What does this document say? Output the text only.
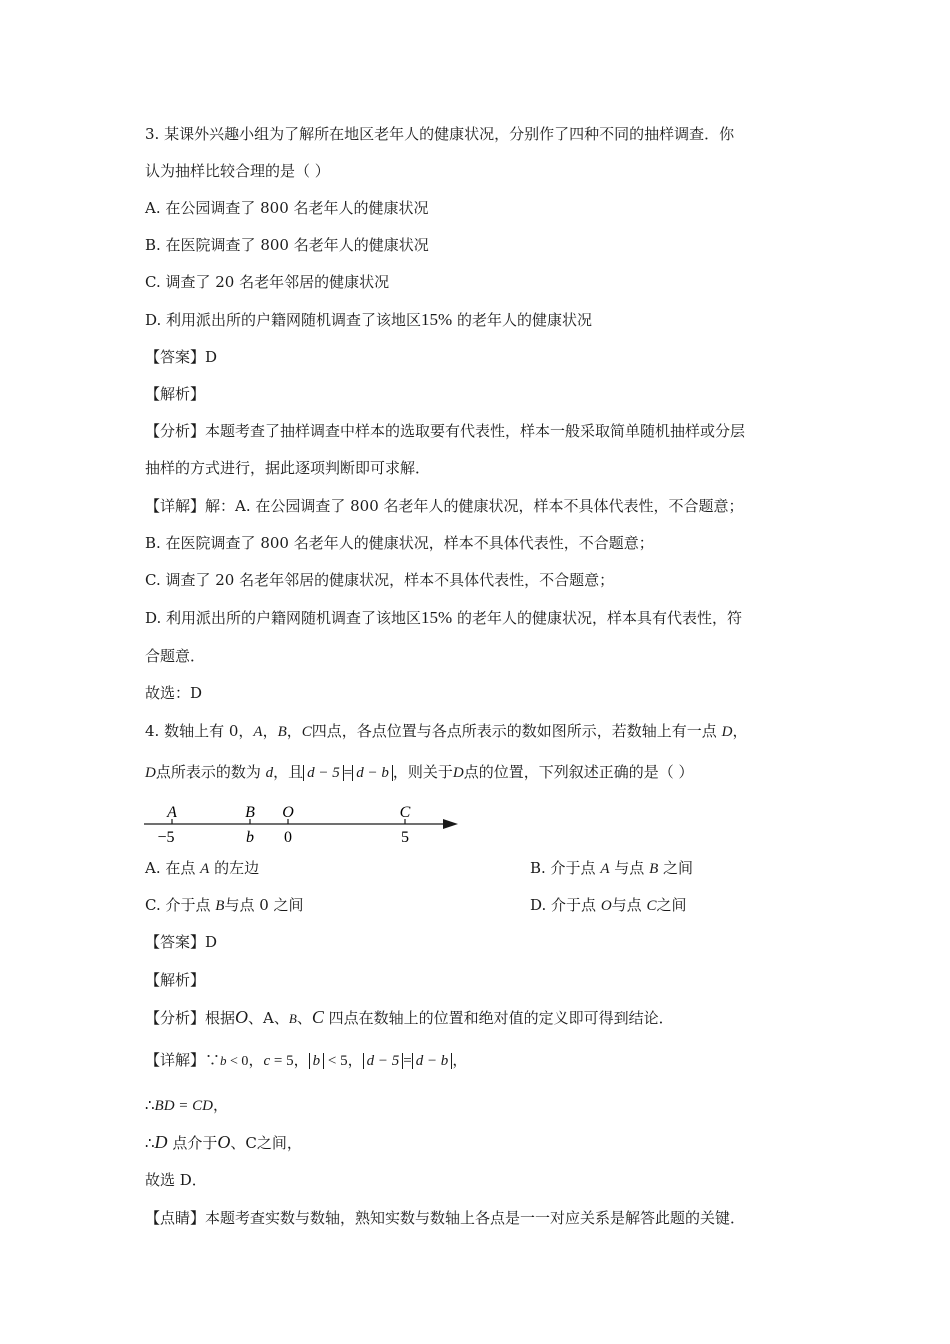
3. 某课外兴趣小组为了解所在地区老年人的健康状况，分别作了四种不同的抽样调查．你
认为抽样比较合理的是（ ）
A. 在公园调查了 800 名老年人的健康状况
B. 在医院调查了 800 名老年人的健康状况
C. 调查了 20 名老年邻居的健康状况
D. 利用派出所的户籍网随机调查了该地区15% 的老年人的健康状况
【答案】D
【解析】
【分析】本题考查了抽样调查中样本的选取要有代表性，样本一般采取简单随机抽样或分层
抽样的方式进行，据此逐项判断即可求解．
【详解】解：A. 在公园调查了 800 名老年人的健康状况，样本不具体代表性，不合题意；
B. 在医院调查了 800 名老年人的健康状况，样本不具体代表性，不合题意；
C. 调查了 20 名老年邻居的健康状况，样本不具体代表性，不合题意；
D. 利用派出所的户籍网随机调查了该地区15% 的老年人的健康状况，样本具有代表性，符
合题意．
故选：D
4. 数轴上有 0，A，B，C四点，各点位置与各点所表示的数如图所示，若数轴上有一点 D，
D点所表示的数为 d，且 d − 5 = d − b ，则关于D点的位置，下列叙述正确的是（ ）
A	B O	C
−5	b 0	5
A. 在点 A 的左边	B. 介于点 A 与点 B 之间
C. 介于点 B与点 0 之间	D. 介于点 O与点 C之间
【答案】D
【解析】
【分析】根据O、A、B、C 四点在数轴上的位置和绝对值的定义即可得到结论．
【详解】∵b < 0，c = 5， b < 5， d − 5 = d − b ，
∴BD = CD，
∴D 点介于O、C之间，
故选 D．
【点睛】本题考查实数与数轴，熟知实数与数轴上各点是一一对应关系是解答此题的关键．
